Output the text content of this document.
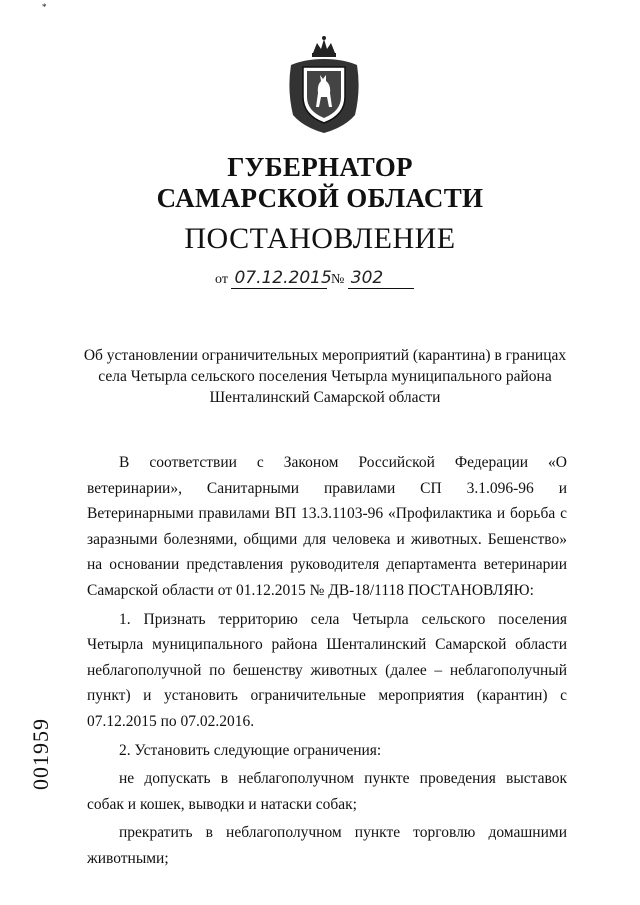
*
ГУБЕРНАТОР
САМАРСКОЙ ОБЛАСТИ
ПОСТАНОВЛЕНИЕ
от 07.12.2015 № 302
Об установлении ограничительных мероприятий (карантина) в границах села Четырла сельского поселения Четырла муниципального района Шенталинский Самарской области

В соответствии с Законом Российской Федерации «О ветеринарии», Санитарными правилами СП 3.1.096-96 и Ветеринарными правилами ВП 13.3.1103-96 «Профилактика и борьба с заразными болезнями, общими для человека и животных. Бешенство» на основании представления руководителя департамента ветеринарии Самарской области от 01.12.2015 № ДВ-18/1118 ПОСТАНОВЛЯЮ:

1. Признать территорию села Четырла сельского поселения Четырла муниципального района Шенталинский Самарской области неблагополучной по бешенству животных (далее – неблагополучный пункт) и установить ограничительные мероприятия (карантин) с 07.12.2015 по 07.02.2016.

2. Установить следующие ограничения:

не допускать в неблагополучном пункте проведения выставок собак и кошек, выводки и натаски собак;

прекратить в неблагополучном пункте торговлю домашними животными;

001959
